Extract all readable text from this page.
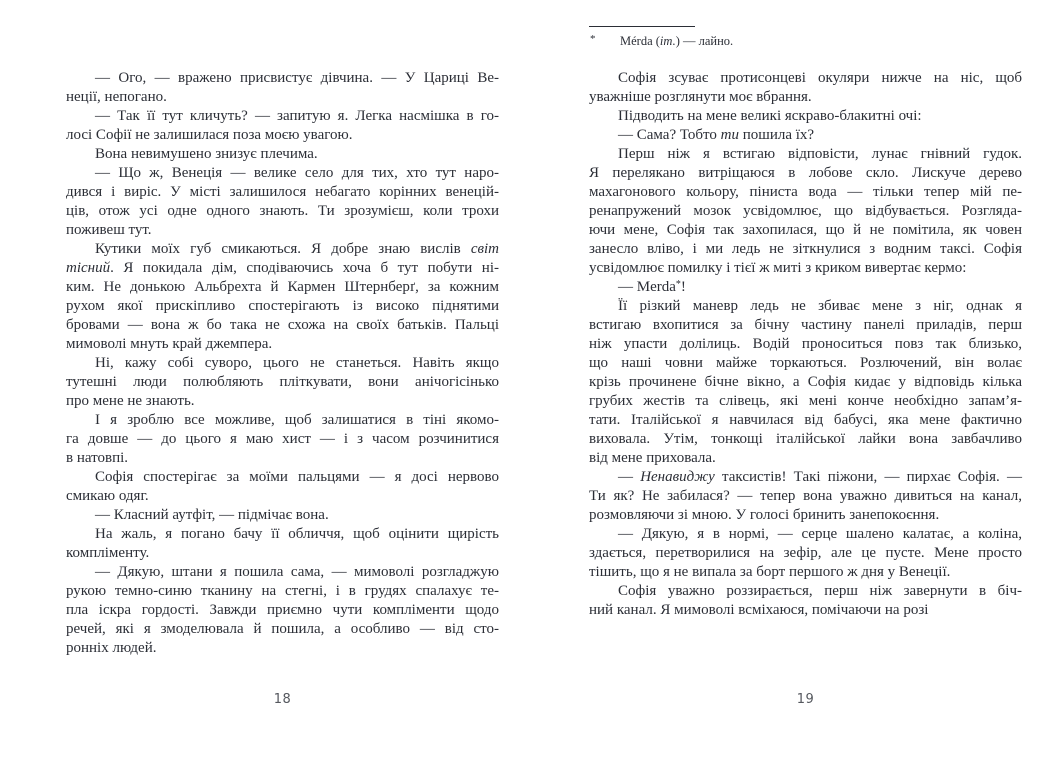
— Ого, — вражено присвистує дівчина. — У Цариці Ве-
неції, непогано.
— Так її тут кличуть? — запитую я. Легка насмішка в го-
лосі Софії не залишилася поза моєю увагою.
Вона невимушено знизує плечима.
— Що ж, Венеція — велике село для тих, хто тут наро-
дився і виріс. У місті залишилося небагато корінних венецій-
ців, отож усі одне одного знають. Ти зрозумієш, коли трохи
поживеш тут.
Кутики моїх губ смикаються. Я добре знаю вислів світ
тісний. Я покидала дім, сподіваючись хоча б тут побути ні-
ким. Не донькою Альбрехта й Кармен Штернберґ, за кожним
рухом якої прискіпливо спостерігають із високо піднятими
бровами — вона ж бо така не схожа на своїх батьків. Пальці
мимоволі мнуть край джемпера.
Ні, кажу собі суворо, цього не станеться. Навіть якщо
тутешні люди полюбляють пліткувати, вони анічогісінько
про мене не знають.
І я зроблю все можливе, щоб залишатися в тіні якомо-
га довше — до цього я маю хист — і з часом розчинитися
в натовпі.
Софія спостерігає за моїми пальцями — я досі нервово
смикаю одяг.
— Класний аутфіт, — підмічає вона.
На жаль, я погано бачу її обличчя, щоб оцінити щирість
компліменту.
— Дякую, штани я пошила сама, — мимоволі розгладжую
рукою темно-синю тканину на стегні, і в грудях спалахує те-
пла іскра гордості. Завжди приємно чути компліменти щодо
речей, які я змоделювала й пошила, а особливо — від сто-
ронніх людей.
18
Софія зсуває протисонцеві окуляри нижче на ніс, щоб
уважніше розглянути моє вбрання.
Підводить на мене великі яскраво-блакитні очі:
— Сама? Тобто ти пошила їх?
Перш ніж я встигаю відповісти, лунає гнівний гудок.
Я перелякано витріщаюся в лобове скло. Лискуче дерево
махагонового кольору, піниста вода — тільки тепер мій пе-
ренапружений мозок усвідомлює, що відбувається. Розгляда-
ючи мене, Софія так захопилася, що й не помітила, як човен
занесло вліво, і ми ледь не зіткнулися з водним таксі. Софія
усвідомлює помилку і тієї ж миті з криком вивертає кермо:
— Merda*!
Її різкий маневр ледь не збиває мене з ніг, однак я
встигаю вхопитися за бічну частину панелі приладів, перш
ніж упасти долілиць. Водій проноситься повз так близько,
що наші човни майже торкаються. Розлючений, він волає
крізь прочинене бічне вікно, а Софія кидає у відповідь кілька
грубих жестів та слівець, які мені конче необхідно запам’я-
тати. Італійської я навчилася від бабусі, яка мене фактично
виховала. Утім, тонкощі італійської лайки вона завбачливо
від мене приховала.
— Ненавиджу таксистів! Такі піжони, — пирхає Софія. —
Ти як? Не забилася? — тепер вона уважно дивиться на канал,
розмовляючи зі мною. У голосі бринить занепокоєння.
— Дякую, я в нормі, — серце шалено калатає, а коліна,
здається, перетворилися на зефір, але це пусте. Мене просто
тішить, що я не випала за борт першого ж дня у Венеції.
Софія уважно роззирається, перш ніж завернути в біч-
ний канал. Я мимоволі всміхаюся, помічаючи на розі
* Mérda (іт.) — лайно.
19
